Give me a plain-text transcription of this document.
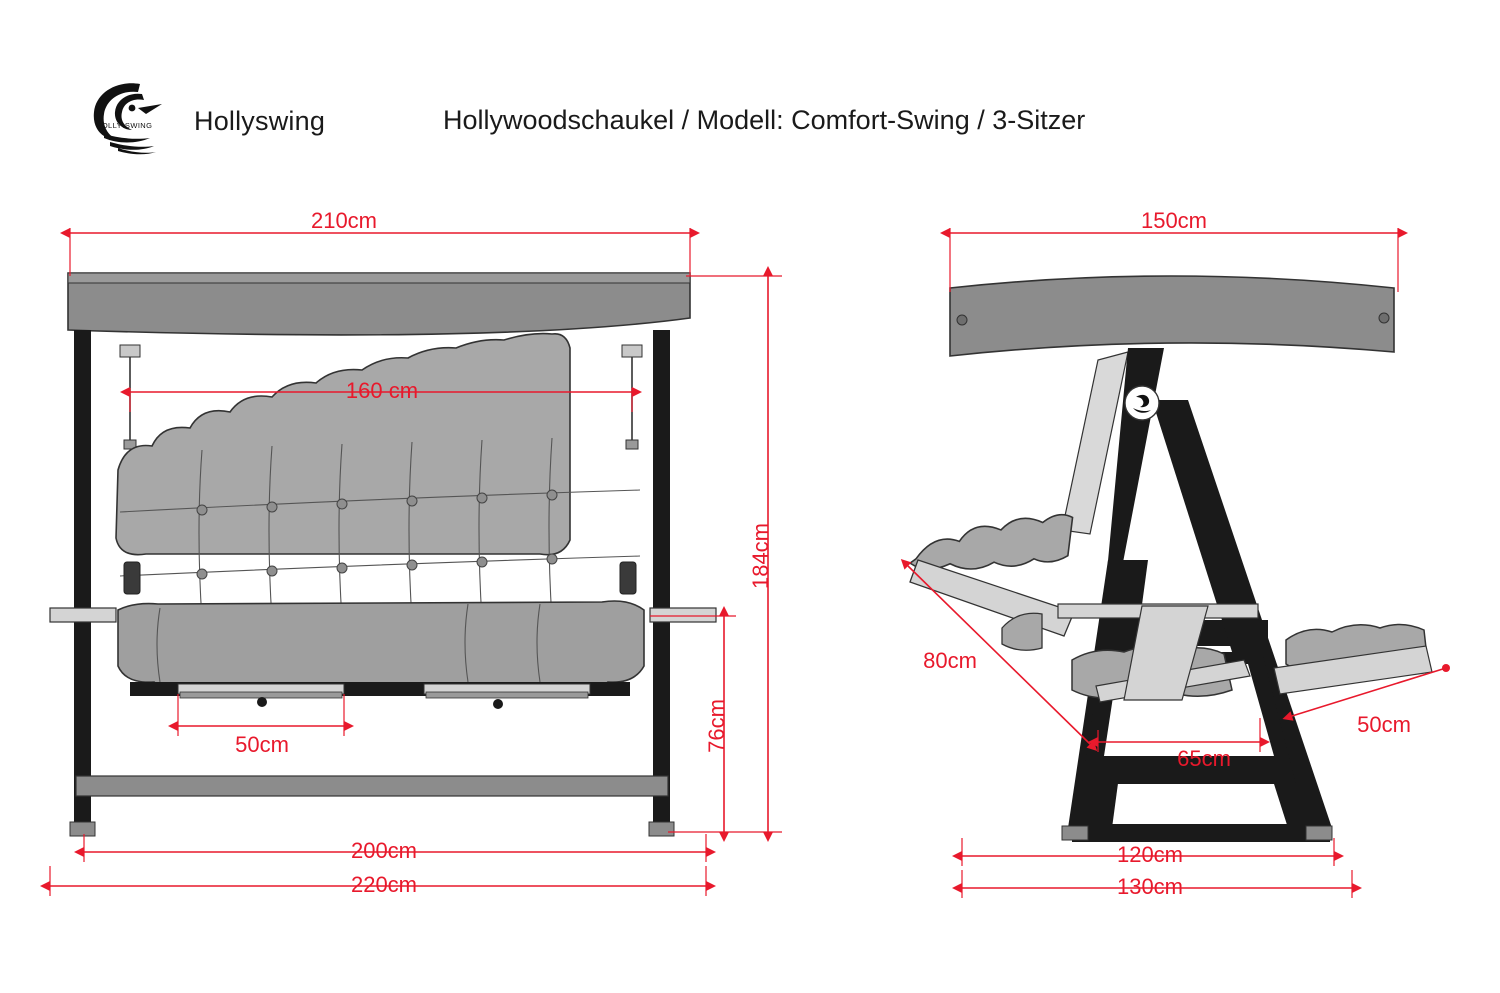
HOLLY·SWING Hollyswing	Hollywoodschaukel / Modell: Comfort-Swing / 3-Sitzer
210cm
160 cm
184cm
76cm
50cm
200cm
220cm
150cm
80cm
65cm
50cm
120cm
130cm
